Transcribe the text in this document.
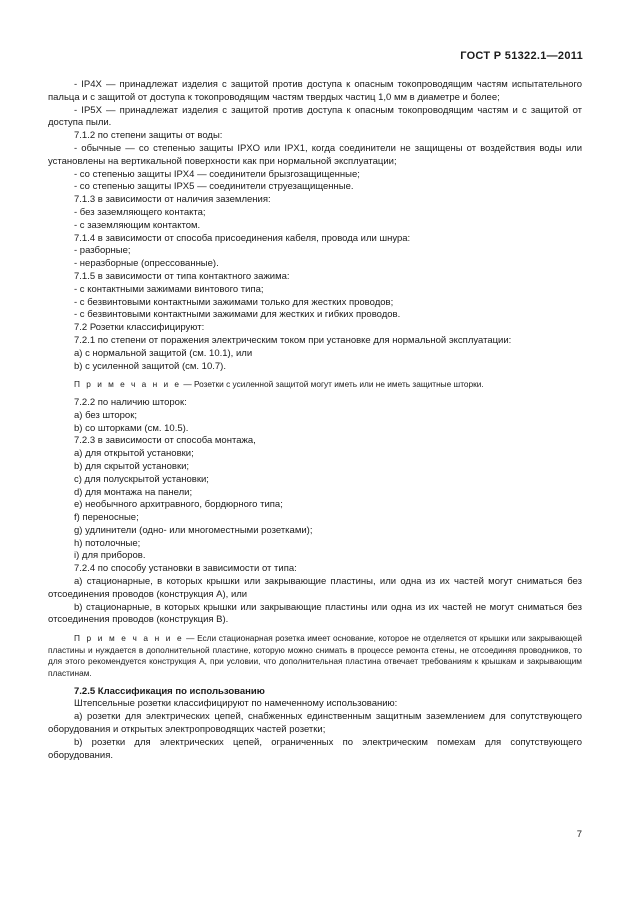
ГОСТ Р 51322.1—2011

- IP4X — принадлежат изделия с защитой против доступа к опасным токопроводящим частям испытательного пальца и с защитой от доступа к токопроводящим частям твердых частиц 1,0 мм в диаметре и более;

- IP5X — принадлежат изделия с защитой против доступа к опасным токопроводящим частям и с защитой от доступа пыли.

7.1.2 по степени защиты от воды:

- обычные — со степенью защиты IPXO или IPX1, когда соединители не защищены от воздействия воды или установлены на вертикальной поверхности как при нормальной эксплуатации;

- со степенью защиты IPX4 — соединители брызгозащищенные;

- со степенью защиты IPX5 — соединители струезащищенные.

7.1.3 в зависимости от наличия заземления:

- без заземляющего контакта;

- с заземляющим контактом.

7.1.4 в зависимости от способа присоединения кабеля, провода или шнура:

- разборные;

- неразборные (опрессованные).

7.1.5 в зависимости от типа контактного зажима:

- с контактными зажимами винтового типа;

- с безвинтовыми контактными зажимами только для жестких проводов;

- с безвинтовыми контактными зажимами для жестких и гибких проводов.

7.2 Розетки классифицируют:

7.2.1 по степени от поражения электрическим током при установке для нормальной эксплуатации:

а) с нормальной защитой (см. 10.1), или

b) с усиленной защитой (см. 10.7).

П р и м е ч а н и е — Розетки с усиленной защитой могут иметь или не иметь защитные шторки.

7.2.2 по наличию шторок:

а) без шторок;

b) со шторками (см. 10.5).

7.2.3 в зависимости от способа монтажа,

а) для открытой установки;

b) для скрытой установки;

c) для полускрытой установки;

d) для монтажа на панели;

е) необычного архитравного, бордюрного типа;

f) переносные;

g) удлинители (одно- или многоместными розетками);

h) потолочные;

i) для приборов.

7.2.4 по способу установки в зависимости от типа:

а) стационарные, в которых крышки или закрывающие пластины, или одна из их частей могут сниматься без отсоединения проводов (конструкция А), или

b) стационарные, в которых крышки или закрывающие пластины или одна из их частей не могут сниматься без отсоединения проводов (конструкция В).

П р и м е ч а н и е — Если стационарная розетка имеет основание, которое не отделяется от крышки или закрывающей пластины и нуждается в дополнительной пластине, которую можно снимать в процессе ремонта стены, не отсоединяя проводников, то для этого рекомендуется конструкция А, при условии, что дополнительная пластина отвечает требованиям к крышкам и закрывающим пластинам.

7.2.5 Классификация по использованию

Штепсельные розетки классифицируют по намеченному использованию:

a) розетки для электрических цепей, снабженных единственным защитным заземлением для сопутствующего оборудования и открытых электропроводящих частей розетки;

b) розетки для электрических цепей, ограниченных по электрическим помехам для сопутствующего оборудования.

7
